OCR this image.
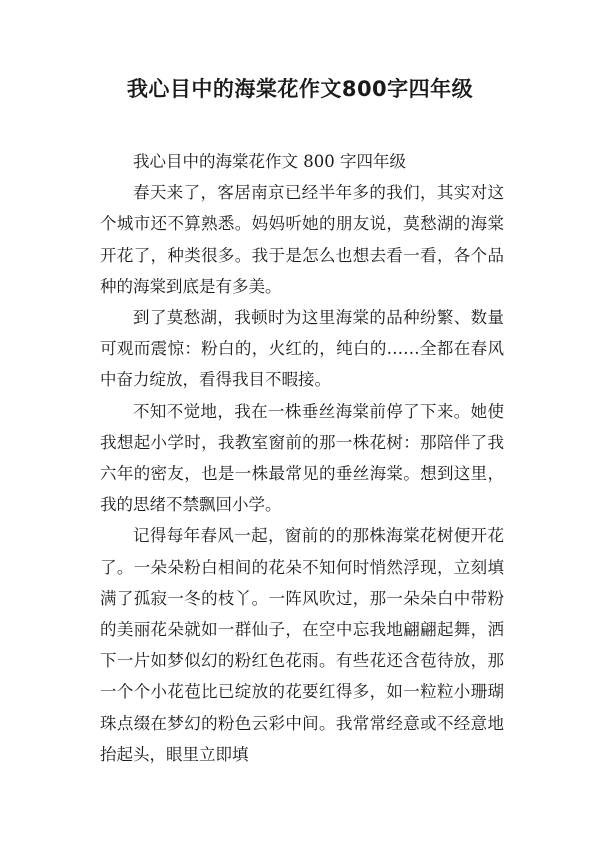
我心目中的海棠花作文800字四年级

我心目中的海棠花作文 800 字四年级

春天来了，客居南京已经半年多的我们，其实对这个城市还不算熟悉。妈妈听她的朋友说，莫愁湖的海棠开花了，种类很多。我于是怎么也想去看一看，各个品种的海棠到底是有多美。

到了莫愁湖，我顿时为这里海棠的品种纷繁、数量可观而震惊：粉白的，火红的，纯白的……全都在春风中奋力绽放，看得我目不暇接。

不知不觉地，我在一株垂丝海棠前停了下来。她使我想起小学时，我教室窗前的那一株花树：那陪伴了我六年的密友，也是一株最常见的垂丝海棠。想到这里，我的思绪不禁飘回小学。

记得每年春风一起，窗前的的那株海棠花树便开花了。一朵朵粉白相间的花朵不知何时悄然浮现，立刻填满了孤寂一冬的枝丫。一阵风吹过，那一朵朵白中带粉的美丽花朵就如一群仙子，在空中忘我地翩翩起舞，洒下一片如梦似幻的粉红色花雨。有些花还含苞待放，那一个个小花苞比已绽放的花要红得多，如一粒粒小珊瑚珠点缀在梦幻的粉色云彩中间。我常常经意或不经意地抬起头，眼里立即填
